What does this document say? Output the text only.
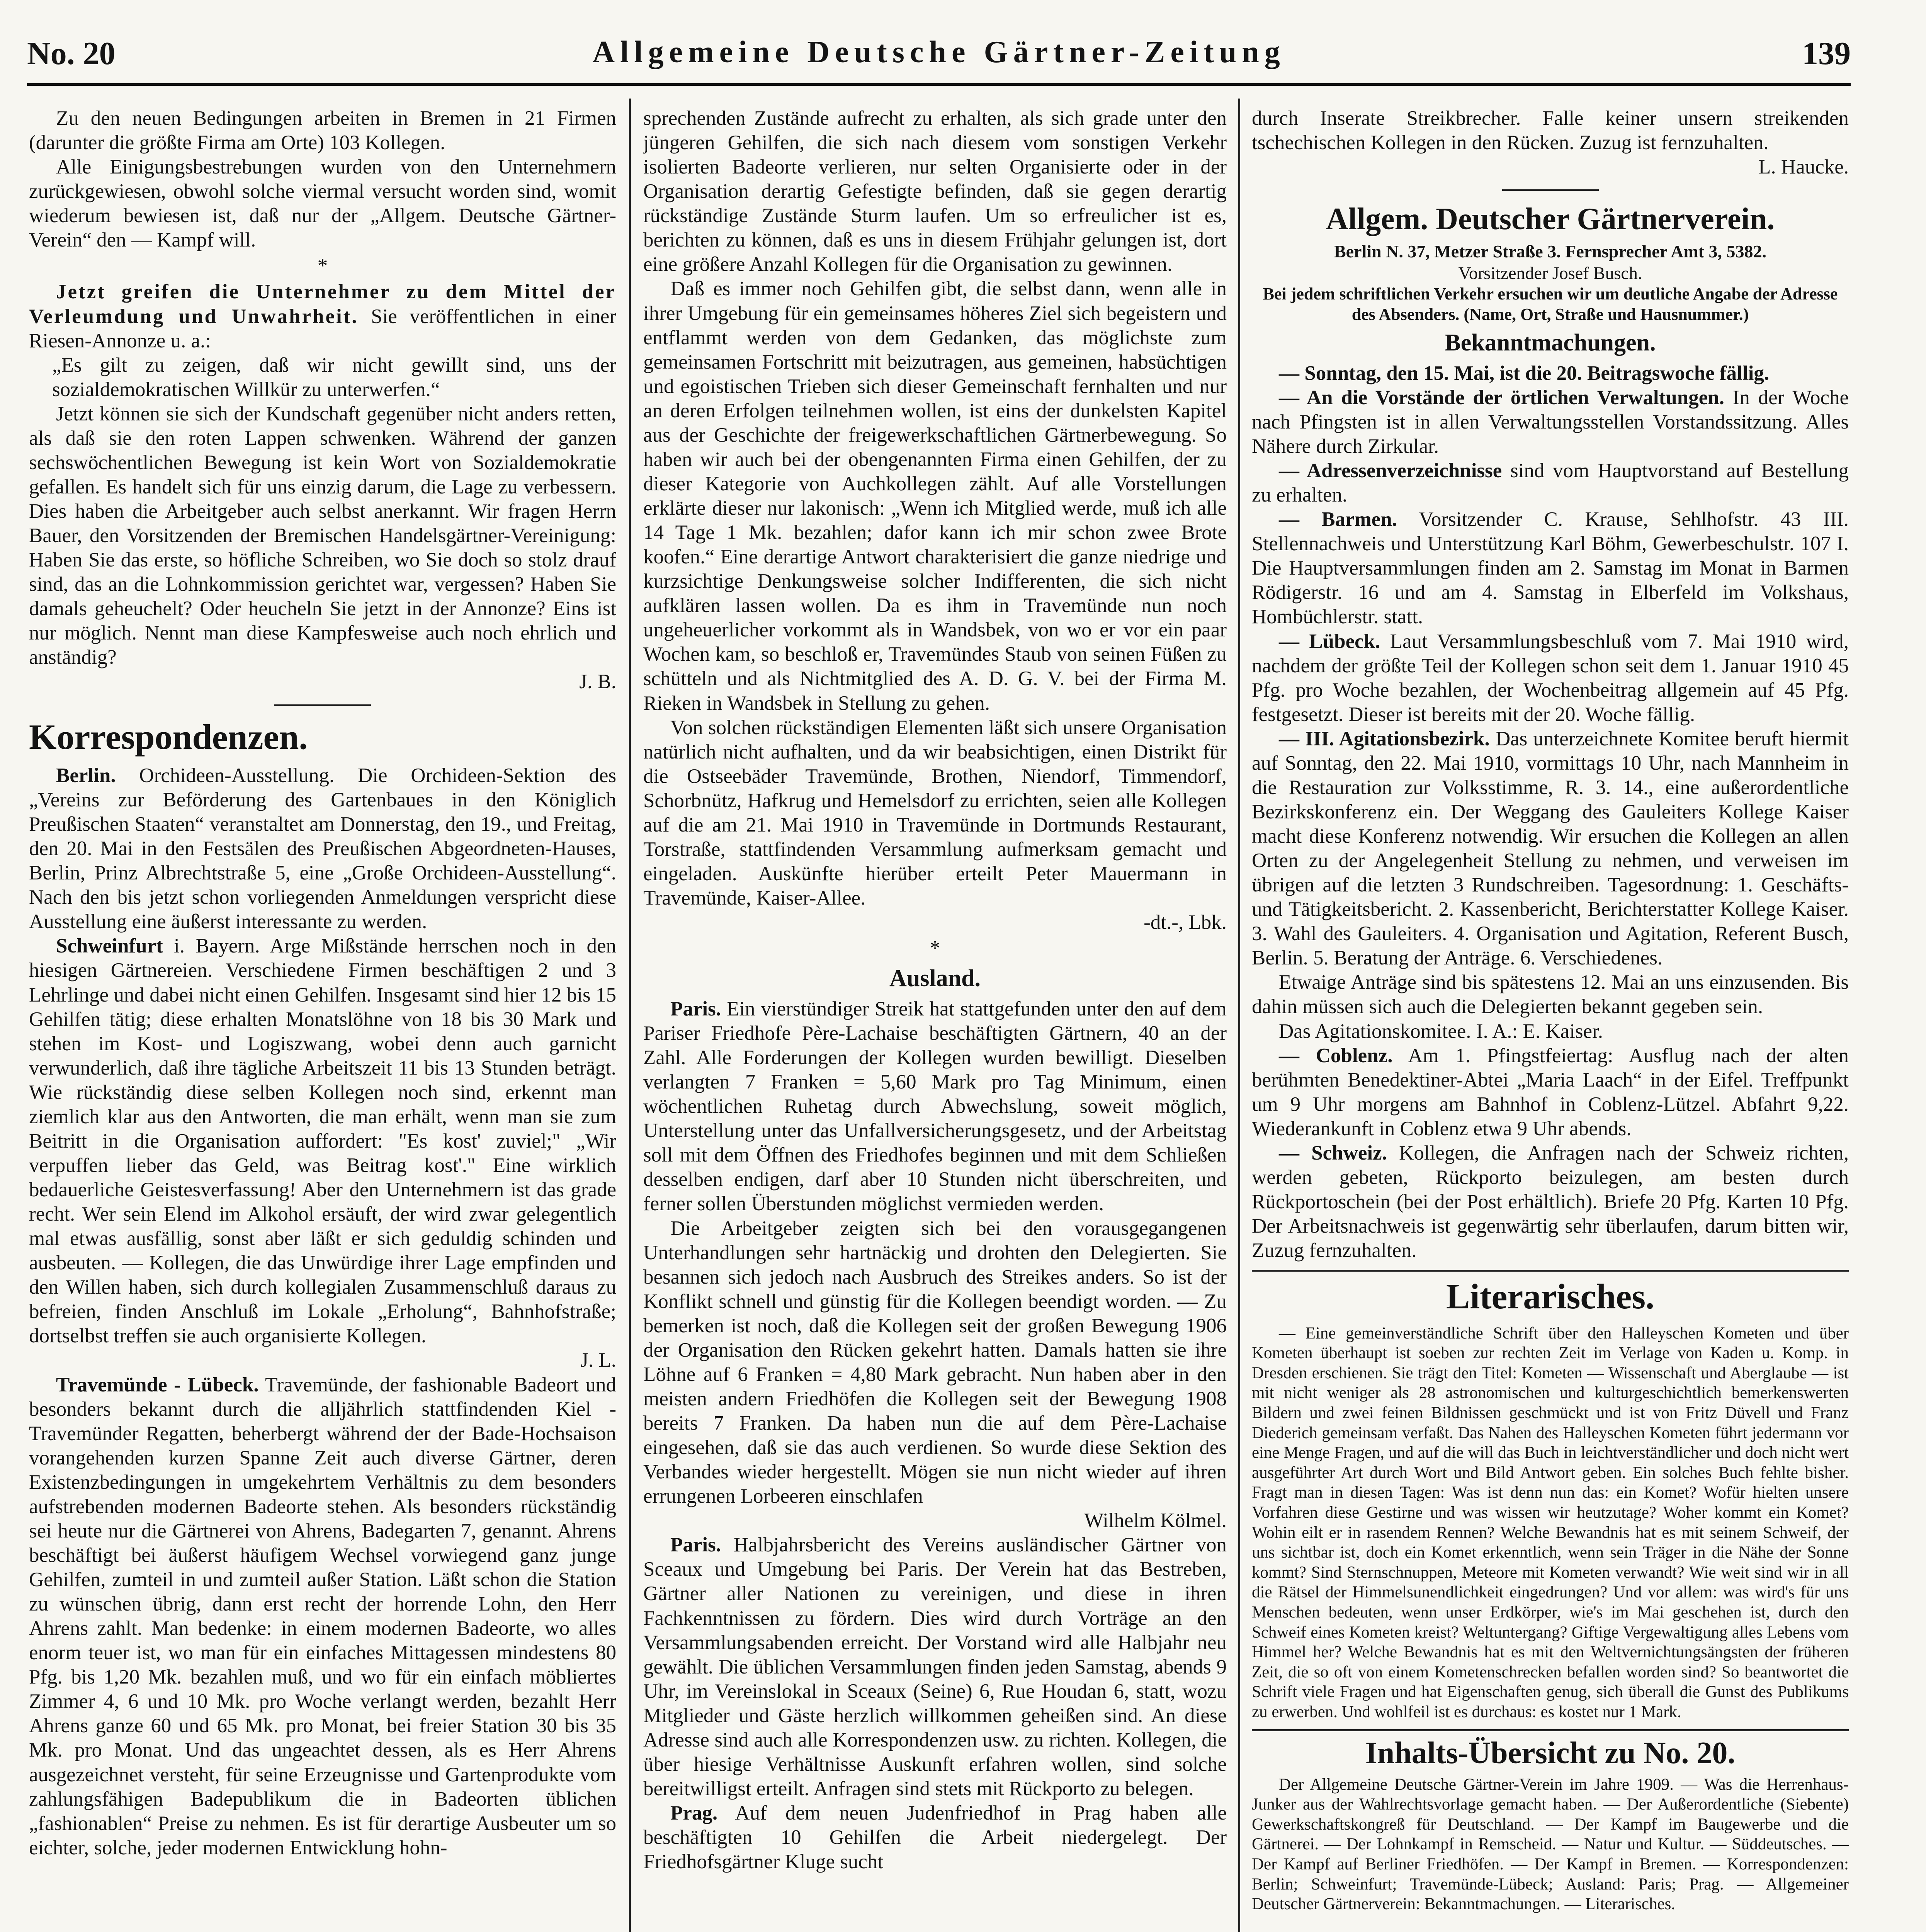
Allgemeine Deutsche Gärtner-Zeitung
No. 20	139

Zu den neuen Bedingungen arbeiten in Bremen in 21 Firmen (darunter die größte Firma am Orte) 103 Kollegen.

Alle Einigungsbestrebungen wurden von den Unternehmern zurückgewiesen, obwohl solche viermal versucht worden sind, womit wiederum bewiesen ist, daß nur der „Allgem. Deutsche Gärtner-Verein“ den — Kampf will.

*

Jetzt greifen die Unternehmer zu dem Mittel der Verleumdung und Unwahrheit. Sie veröffentlichen in einer Riesen-Annonze u. a.:

„Es gilt zu zeigen, daß wir nicht gewillt sind, uns der sozialdemokratischen Willkür zu unterwerfen.“

Jetzt können sie sich der Kundschaft gegenüber nicht anders retten, als daß sie den roten Lappen schwenken. Während der ganzen sechswöchentlichen Bewegung ist kein Wort von Sozialdemokratie gefallen. Es handelt sich für uns einzig darum, die Lage zu verbessern. Dies haben die Arbeitgeber auch selbst anerkannt. Wir fragen Herrn Bauer, den Vorsitzenden der Bremischen Handelsgärtner-Vereinigung: Haben Sie das erste, so höfliche Schreiben, wo Sie doch so stolz drauf sind, das an die Lohnkommission gerichtet war, vergessen? Haben Sie damals geheuchelt? Oder heucheln Sie jetzt in der Annonze? Eins ist nur möglich. Nennt man diese Kampfesweise auch noch ehrlich und anständig?

J. B.

Korrespondenzen.

Berlin. Orchideen-Ausstellung. Die Orchideen-Sektion des „Vereins zur Beförderung des Gartenbaues in den Königlich Preußischen Staaten“ veranstaltet am Donnerstag, den 19., und Freitag, den 20. Mai in den Festsälen des Preußischen Abgeordneten-Hauses, Berlin, Prinz Albrechtstraße 5, eine „Große Orchideen-Ausstellung“. Nach den bis jetzt schon vorliegenden Anmeldungen verspricht diese Ausstellung eine äußerst interessante zu werden.

Schweinfurt i. Bayern. Arge Mißstände herrschen noch in den hiesigen Gärtnereien. Verschiedene Firmen beschäftigen 2 und 3 Lehrlinge und dabei nicht einen Gehilfen. Insgesamt sind hier 12 bis 15 Gehilfen tätig; diese erhalten Monatslöhne von 18 bis 30 Mark und stehen im Kost- und Logiszwang, wobei denn auch garnicht verwunderlich, daß ihre tägliche Arbeitszeit 11 bis 13 Stunden beträgt. Wie rückständig diese selben Kollegen noch sind, erkennt man ziemlich klar aus den Antworten, die man erhält, wenn man sie zum Beitritt in die Organisation auffordert: "Es kost' zuviel;" „Wir verpuffen lieber das Geld, was Beitrag kost'." Eine wirklich bedauerliche Geistesverfassung! Aber den Unternehmern ist das grade recht. Wer sein Elend im Alkohol ersäuft, der wird zwar gelegentlich mal etwas ausfällig, sonst aber läßt er sich geduldig schinden und ausbeuten. — Kollegen, die das Unwürdige ihrer Lage empfinden und den Willen haben, sich durch kollegialen Zusammenschluß daraus zu befreien, finden Anschluß im Lokale „Erholung“, Bahnhofstraße; dortselbst treffen sie auch organisierte Kollegen.

J. L.

Travemünde - Lübeck. Travemünde, der fashionable Badeort und besonders bekannt durch die alljährlich stattfindenden Kiel - Travemünder Regatten, beherbergt während der der Bade-Hochsaison vorangehenden kurzen Spanne Zeit auch diverse Gärtner, deren Existenzbedingungen in umgekehrtem Verhältnis zu dem besonders aufstrebenden modernen Badeorte stehen. Als besonders rückständig sei heute nur die Gärtnerei von Ahrens, Badegarten 7, genannt. Ahrens beschäftigt bei äußerst häufigem Wechsel vorwiegend ganz junge Gehilfen, zumteil in und zumteil außer Station. Läßt schon die Station zu wünschen übrig, dann erst recht der horrende Lohn, den Herr Ahrens zahlt. Man bedenke: in einem modernen Badeorte, wo alles enorm teuer ist, wo man für ein einfaches Mittagessen mindestens 80 Pfg. bis 1,20 Mk. bezahlen muß, und wo für ein einfach möbliertes Zimmer 4, 6 und 10 Mk. pro Woche verlangt werden, bezahlt Herr Ahrens ganze 60 und 65 Mk. pro Monat, bei freier Station 30 bis 35 Mk. pro Monat. Und das ungeachtet dessen, als es Herr Ahrens ausgezeichnet versteht, für seine Erzeugnisse und Gartenprodukte vom zahlungsfähigen Badepublikum die in Badeorten üblichen „fashionablen“ Preise zu nehmen. Es ist für derartige Ausbeuter um so eichter, solche, jeder modernen Entwicklung hohn-

sprechenden Zustände aufrecht zu erhalten, als sich grade unter den jüngeren Gehilfen, die sich nach diesem vom sonstigen Verkehr isolierten Badeorte verlieren, nur selten Organisierte oder in der Organisation derartig Gefestigte befinden, daß sie gegen derartig rückständige Zustände Sturm laufen. Um so erfreulicher ist es, berichten zu können, daß es uns in diesem Frühjahr gelungen ist, dort eine größere Anzahl Kollegen für die Organisation zu gewinnen.

Daß es immer noch Gehilfen gibt, die selbst dann, wenn alle in ihrer Umgebung für ein gemeinsames höheres Ziel sich begeistern und entflammt werden von dem Gedanken, das möglichste zum gemeinsamen Fortschritt mit beizutragen, aus gemeinen, habsüchtigen und egoistischen Trieben sich dieser Gemeinschaft fernhalten und nur an deren Erfolgen teilnehmen wollen, ist eins der dunkelsten Kapitel aus der Geschichte der freigewerkschaftlichen Gärtnerbewegung. So haben wir auch bei der obengenannten Firma einen Gehilfen, der zu dieser Kategorie von Auchkollegen zählt. Auf alle Vorstellungen erklärte dieser nur lakonisch: „Wenn ich Mitglied werde, muß ich alle 14 Tage 1 Mk. bezahlen; dafor kann ich mir schon zwee Brote koofen.“ Eine derartige Antwort charakterisiert die ganze niedrige und kurzsichtige Denkungsweise solcher Indifferenten, die sich nicht aufklären lassen wollen. Da es ihm in Travemünde nun noch ungeheuerlicher vorkommt als in Wandsbek, von wo er vor ein paar Wochen kam, so beschloß er, Travemündes Staub von seinen Füßen zu schütteln und als Nichtmitglied des A. D. G. V. bei der Firma M. Rieken in Wandsbek in Stellung zu gehen.

Von solchen rückständigen Elementen läßt sich unsere Organisation natürlich nicht aufhalten, und da wir beabsichtigen, einen Distrikt für die Ostseebäder Travemünde, Brothen, Niendorf, Timmendorf, Schorbnütz, Hafkrug und Hemelsdorf zu errichten, seien alle Kollegen auf die am 21. Mai 1910 in Travemünde in Dortmunds Restaurant, Torstraße, stattfindenden Versammlung aufmerksam gemacht und eingeladen. Auskünfte hierüber erteilt Peter Mauermann in Travemünde, Kaiser-Allee.

-dt.-, Lbk.

*
Ausland.

Paris. Ein vierstündiger Streik hat stattgefunden unter den auf dem Pariser Friedhofe Père-Lachaise beschäftigten Gärtnern, 40 an der Zahl. Alle Forderungen der Kollegen wurden bewilligt. Dieselben verlangten 7 Franken = 5,60 Mark pro Tag Minimum, einen wöchentlichen Ruhetag durch Abwechslung, soweit möglich, Unterstellung unter das Unfallversicherungsgesetz, und der Arbeitstag soll mit dem Öffnen des Friedhofes beginnen und mit dem Schließen desselben endigen, darf aber 10 Stunden nicht überschreiten, und ferner sollen Überstunden möglichst vermieden werden.

Die Arbeitgeber zeigten sich bei den vorausgegangenen Unterhandlungen sehr hartnäckig und drohten den Delegierten. Sie besannen sich jedoch nach Ausbruch des Streikes anders. So ist der Konflikt schnell und günstig für die Kollegen beendigt worden. — Zu bemerken ist noch, daß die Kollegen seit der großen Bewegung 1906 der Organisation den Rücken gekehrt hatten. Damals hatten sie ihre Löhne auf 6 Franken = 4,80 Mark gebracht. Nun haben aber in den meisten andern Friedhöfen die Kollegen seit der Bewegung 1908 bereits 7 Franken. Da haben nun die auf dem Père-Lachaise eingesehen, daß sie das auch verdienen. So wurde diese Sektion des Verbandes wieder hergestellt. Mögen sie nun nicht wieder auf ihren errungenen Lorbeeren einschlafen

Wilhelm Kölmel.

Paris. Halbjahrsbericht des Vereins ausländischer Gärtner von Sceaux und Umgebung bei Paris. Der Verein hat das Bestreben, Gärtner aller Nationen zu vereinigen, und diese in ihren Fachkenntnissen zu fördern. Dies wird durch Vorträge an den Versammlungsabenden erreicht. Der Vorstand wird alle Halbjahr neu gewählt. Die üblichen Versammlungen finden jeden Samstag, abends 9 Uhr, im Vereinslokal in Sceaux (Seine) 6, Rue Houdan 6, statt, wozu Mitglieder und Gäste herzlich willkommen geheißen sind. An diese Adresse sind auch alle Korrespondenzen usw. zu richten. Kollegen, die über hiesige Verhältnisse Auskunft erfahren wollen, sind solche bereitwilligst erteilt. Anfragen sind stets mit Rückporto zu belegen.

Prag. Auf dem neuen Judenfriedhof in Prag haben alle beschäftigten 10 Gehilfen die Arbeit niedergelegt. Der Friedhofsgärtner Kluge sucht

durch Inserate Streikbrecher. Falle keiner unsern streikenden tschechischen Kollegen in den Rücken. Zuzug ist fernzuhalten.

L. Haucke.

Allgem. Deutscher Gärtnerverein.

Berlin N. 37, Metzer Straße 3. Fernsprecher Amt 3, 5382.

Vorsitzender Josef Busch.

Bei jedem schriftlichen Verkehr ersuchen wir um deutliche Angabe der Adresse des Absenders. (Name, Ort, Straße und Hausnummer.)

Bekanntmachungen.

— Sonntag, den 15. Mai, ist die 20. Beitragswoche fällig.

— An die Vorstände der örtlichen Verwaltungen. In der Woche nach Pfingsten ist in allen Verwaltungsstellen Vorstandssitzung. Alles Nähere durch Zirkular.

— Adressenverzeichnisse sind vom Hauptvorstand auf Bestellung zu erhalten.

— Barmen. Vorsitzender C. Krause, Sehlhofstr. 43 III. Stellennachweis und Unterstützung Karl Böhm, Gewerbeschulstr. 107 I. Die Hauptversammlungen finden am 2. Samstag im Monat in Barmen Rödigerstr. 16 und am 4. Samstag in Elberfeld im Volkshaus, Hombüchlerstr. statt.

— Lübeck. Laut Versammlungsbeschluß vom 7. Mai 1910 wird, nachdem der größte Teil der Kollegen schon seit dem 1. Januar 1910 45 Pfg. pro Woche bezahlen, der Wochenbeitrag allgemein auf 45 Pfg. festgesetzt. Dieser ist bereits mit der 20. Woche fällig.

— III. Agitationsbezirk. Das unterzeichnete Komitee beruft hiermit auf Sonntag, den 22. Mai 1910, vormittags 10 Uhr, nach Mannheim in die Restauration zur Volksstimme, R. 3. 14., eine außerordentliche Bezirkskonferenz ein. Der Weggang des Gauleiters Kollege Kaiser macht diese Konferenz notwendig. Wir ersuchen die Kollegen an allen Orten zu der Angelegenheit Stellung zu nehmen, und verweisen im übrigen auf die letzten 3 Rundschreiben. Tagesordnung: 1. Geschäfts- und Tätigkeitsbericht. 2. Kassenbericht, Berichterstatter Kollege Kaiser. 3. Wahl des Gauleiters. 4. Organisation und Agitation, Referent Busch, Berlin. 5. Beratung der Anträge. 6. Verschiedenes.

Etwaige Anträge sind bis spätestens 12. Mai an uns einzusenden. Bis dahin müssen sich auch die Delegierten bekannt gegeben sein.

Das Agitationskomitee. I. A.: E. Kaiser.

— Coblenz. Am 1. Pfingstfeiertag: Ausflug nach der alten berühmten Benedektiner-Abtei „Maria Laach“ in der Eifel. Treffpunkt um 9 Uhr morgens am Bahnhof in Coblenz-Lützel. Abfahrt 9,22. Wiederankunft in Coblenz etwa 9 Uhr abends.

— Schweiz. Kollegen, die Anfragen nach der Schweiz richten, werden gebeten, Rückporto beizulegen, am besten durch Rückportoschein (bei der Post erhältlich). Briefe 20 Pfg. Karten 10 Pfg. Der Arbeitsnachweis ist gegenwärtig sehr überlaufen, darum bitten wir, Zuzug fernzuhalten.

Literarisches.

— Eine gemeinverständliche Schrift über den Halleyschen Kometen und über Kometen überhaupt ist soeben zur rechten Zeit im Verlage von Kaden u. Komp. in Dresden erschienen. Sie trägt den Titel: Kometen — Wissenschaft und Aberglaube — ist mit nicht weniger als 28 astronomischen und kulturgeschichtlich bemerkenswerten Bildern und zwei feinen Bildnissen geschmückt und ist von Fritz Düvell und Franz Diederich gemeinsam verfaßt. Das Nahen des Halleyschen Kometen führt jedermann vor eine Menge Fragen, und auf die will das Buch in leichtverständlicher und doch nicht wert ausgeführter Art durch Wort und Bild Antwort geben. Ein solches Buch fehlte bisher. Fragt man in diesen Tagen: Was ist denn nun das: ein Komet? Wofür hielten unsere Vorfahren diese Gestirne und was wissen wir heutzutage? Woher kommt ein Komet? Wohin eilt er in rasendem Rennen? Welche Bewandnis hat es mit seinem Schweif, der uns sichtbar ist, doch ein Komet erkenntlich, wenn sein Träger in die Nähe der Sonne kommt? Sind Sternschnuppen, Meteore mit Kometen verwandt? Wie weit sind wir in all die Rätsel der Himmelsunendlichkeit eingedrungen? Und vor allem: was wird's für uns Menschen bedeuten, wenn unser Erdkörper, wie's im Mai geschehen ist, durch den Schweif eines Kometen kreist? Weltuntergang? Giftige Vergewaltigung alles Lebens vom Himmel her? Welche Bewandnis hat es mit den Weltvernichtungsängsten der früheren Zeit, die so oft von einem Kometenschrecken befallen worden sind? So beantwortet die Schrift viele Fragen und hat Eigenschaften genug, sich überall die Gunst des Publikums zu erwerben. Und wohlfeil ist es durchaus: es kostet nur 1 Mark.

Inhalts-Übersicht zu No. 20.

Der Allgemeine Deutsche Gärtner-Verein im Jahre 1909. — Was die Herrenhaus-Junker aus der Wahlrechtsvorlage gemacht haben. — Der Außerordentliche (Siebente) Gewerkschaftskongreß für Deutschland. — Der Kampf im Baugewerbe und die Gärtnerei. — Der Lohnkampf in Remscheid. — Natur und Kultur. — Süddeutsches. — Der Kampf auf Berliner Friedhöfen. — Der Kampf in Bremen. — Korrespondenzen: Berlin; Schweinfurt; Travemünde-Lübeck; Ausland: Paris; Prag. — Allgemeiner Deutscher Gärtnerverein: Bekanntmachungen. — Literarisches.
